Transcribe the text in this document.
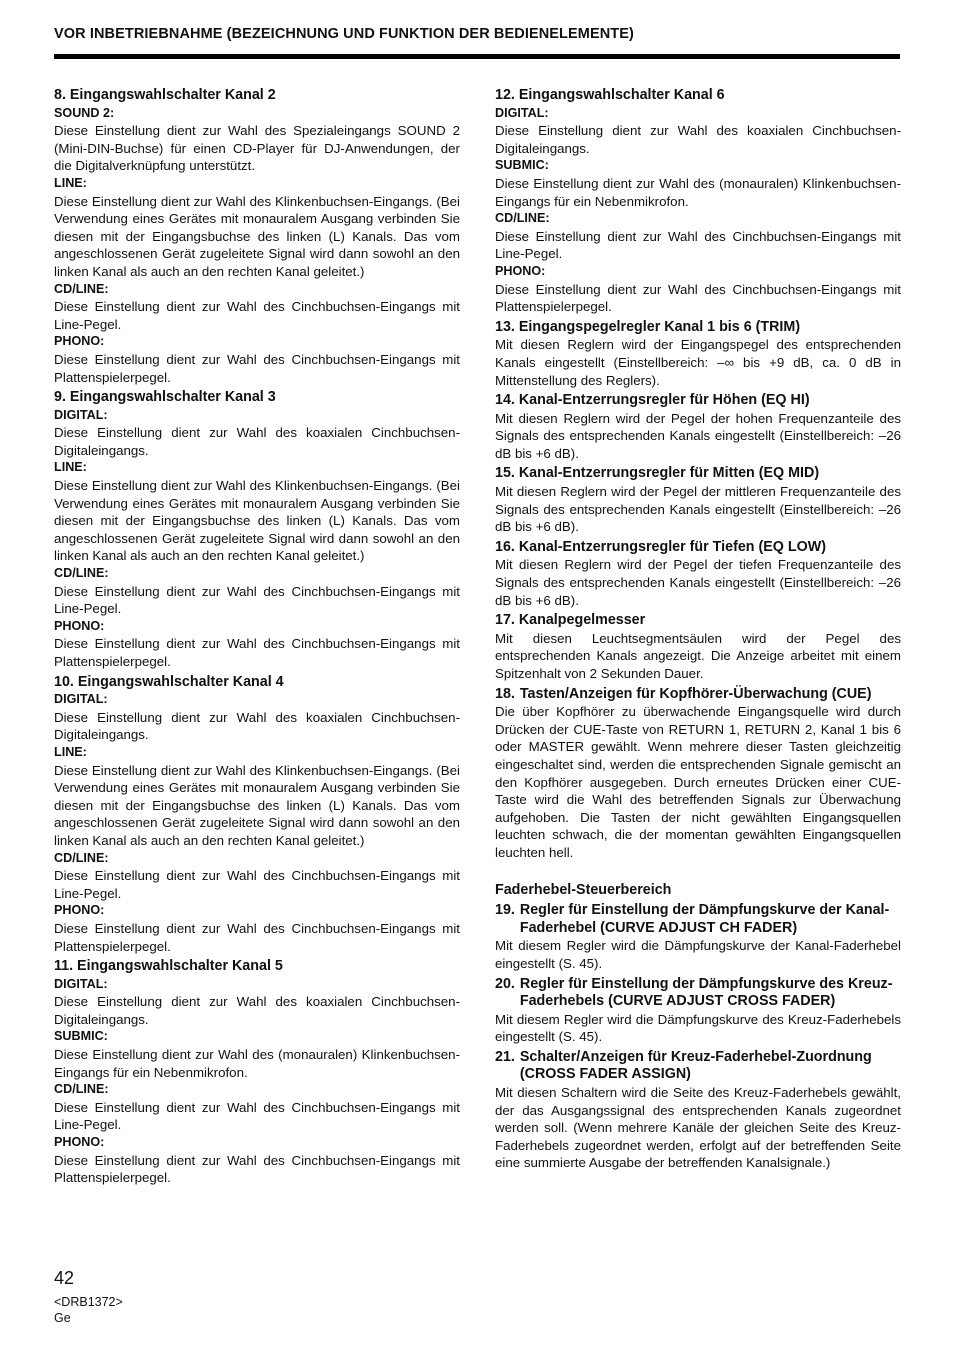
VOR INBETRIEBNAHME (BEZEICHNUNG UND FUNKTION DER BEDIENELEMENTE)
8. Eingangswahlschalter Kanal 2
SOUND 2:
Diese Einstellung dient zur Wahl des Spezialeingangs SOUND 2 (Mini-DIN-Buchse) für einen CD-Player für DJ-Anwendungen, der die Digitalverknüpfung unterstützt.
LINE:
Diese Einstellung dient zur Wahl des Klinkenbuchsen-Eingangs. (Bei Verwendung eines Gerätes mit monauralem Ausgang verbinden Sie diesen mit der Eingangsbuchse des linken (L) Kanals. Das vom angeschlossenen Gerät zugeleitete Signal wird dann sowohl an den linken Kanal als auch an den rechten Kanal geleitet.)
CD/LINE:
Diese Einstellung dient zur Wahl des Cinchbuchsen-Eingangs mit Line-Pegel.
PHONO:
Diese Einstellung dient zur Wahl des Cinchbuchsen-Eingangs mit Plattenspielerpegel.
9. Eingangswahlschalter Kanal 3
DIGITAL:
Diese Einstellung dient zur Wahl des koaxialen Cinchbuchsen-Digitaleingangs.
LINE:
Diese Einstellung dient zur Wahl des Klinkenbuchsen-Eingangs. (Bei Verwendung eines Gerätes mit monauralem Ausgang verbinden Sie diesen mit der Eingangsbuchse des linken (L) Kanals. Das vom angeschlossenen Gerät zugeleitete Signal wird dann sowohl an den linken Kanal als auch an den rechten Kanal geleitet.)
CD/LINE:
Diese Einstellung dient zur Wahl des Cinchbuchsen-Eingangs mit Line-Pegel.
PHONO:
Diese Einstellung dient zur Wahl des Cinchbuchsen-Eingangs mit Plattenspielerpegel.
10. Eingangswahlschalter Kanal 4
DIGITAL:
Diese Einstellung dient zur Wahl des koaxialen Cinchbuchsen-Digitaleingangs.
LINE:
Diese Einstellung dient zur Wahl des Klinkenbuchsen-Eingangs. (Bei Verwendung eines Gerätes mit monauralem Ausgang verbinden Sie diesen mit der Eingangsbuchse des linken (L) Kanals. Das vom angeschlossenen Gerät zugeleitete Signal wird dann sowohl an den linken Kanal als auch an den rechten Kanal geleitet.)
CD/LINE:
Diese Einstellung dient zur Wahl des Cinchbuchsen-Eingangs mit Line-Pegel.
PHONO:
Diese Einstellung dient zur Wahl des Cinchbuchsen-Eingangs mit Plattenspielerpegel.
11. Eingangswahlschalter Kanal 5
DIGITAL:
Diese Einstellung dient zur Wahl des koaxialen Cinchbuchsen-Digitaleingangs.
SUBMIC:
Diese Einstellung dient zur Wahl des (monauralen) Klinkenbuchsen-Eingangs für ein Nebenmikrofon.
CD/LINE:
Diese Einstellung dient zur Wahl des Cinchbuchsen-Eingangs mit Line-Pegel.
PHONO:
Diese Einstellung dient zur Wahl des Cinchbuchsen-Eingangs mit Plattenspielerpegel.
12. Eingangswahlschalter Kanal 6
DIGITAL:
Diese Einstellung dient zur Wahl des koaxialen Cinchbuchsen-Digitaleingangs.
SUBMIC:
Diese Einstellung dient zur Wahl des (monauralen) Klinkenbuchsen-Eingangs für ein Nebenmikrofon.
CD/LINE:
Diese Einstellung dient zur Wahl des Cinchbuchsen-Eingangs mit Line-Pegel.
PHONO:
Diese Einstellung dient zur Wahl des Cinchbuchsen-Eingangs mit Plattenspielerpegel.
13. Eingangspegelregler Kanal 1 bis 6 (TRIM)
Mit diesen Reglern wird der Eingangspegel des entsprechenden Kanals eingestellt (Einstellbereich: –∞ bis +9 dB, ca. 0 dB in Mittenstellung des Reglers).
14. Kanal-Entzerrungsregler für Höhen (EQ HI)
Mit diesen Reglern wird der Pegel der hohen Frequenzanteile des Signals des entsprechenden Kanals eingestellt (Einstellbereich: –26 dB bis +6 dB).
15. Kanal-Entzerrungsregler für Mitten (EQ MID)
Mit diesen Reglern wird der Pegel der mittleren Frequenzanteile des Signals des entsprechenden Kanals eingestellt (Einstellbereich: –26 dB bis +6 dB).
16. Kanal-Entzerrungsregler für Tiefen (EQ LOW)
Mit diesen Reglern wird der Pegel der tiefen Frequenzanteile des Signals des entsprechenden Kanals eingestellt (Einstellbereich: –26 dB bis +6 dB).
17. Kanalpegelmesser
Mit diesen Leuchtsegmentsäulen wird der Pegel des entsprechenden Kanals angezeigt. Die Anzeige arbeitet mit einem Spitzenhalt von 2 Sekunden Dauer.
18. Tasten/Anzeigen für Kopfhörer-Überwachung (CUE)
Die über Kopfhörer zu überwachende Eingangsquelle wird durch Drücken der CUE-Taste von RETURN 1, RETURN 2, Kanal 1 bis 6 oder MASTER gewählt. Wenn mehrere dieser Tasten gleichzeitig eingeschaltet sind, werden die entsprechenden Signale gemischt an den Kopfhörer ausgegeben. Durch erneutes Drücken einer CUE-Taste wird die Wahl des betreffenden Signals zur Überwachung aufgehoben. Die Tasten der nicht gewählten Eingangsquellen leuchten schwach, die der momentan gewählten Eingangsquellen leuchten hell.
Faderhebel-Steuerbereich
19. Regler für Einstellung der Dämpfungskurve der Kanal-Faderhebel (CURVE ADJUST CH FADER)
Mit diesem Regler wird die Dämpfungskurve der Kanal-Faderhebel eingestellt (S. 45).
20. Regler für Einstellung der Dämpfungskurve des Kreuz-Faderhebels (CURVE ADJUST CROSS FADER)
Mit diesem Regler wird die Dämpfungskurve des Kreuz-Faderhebels eingestellt (S. 45).
21. Schalter/Anzeigen für Kreuz-Faderhebel-Zuordnung (CROSS FADER ASSIGN)
Mit diesen Schaltern wird die Seite des Kreuz-Faderhebels gewählt, der das Ausgangssignal des entsprechenden Kanals zugeordnet werden soll. (Wenn mehrere Kanäle der gleichen Seite des Kreuz-Faderhebels zugeordnet werden, erfolgt auf der betreffenden Seite eine summierte Ausgabe der betreffenden Kanalsignale.)
42
<DRB1372>
Ge
